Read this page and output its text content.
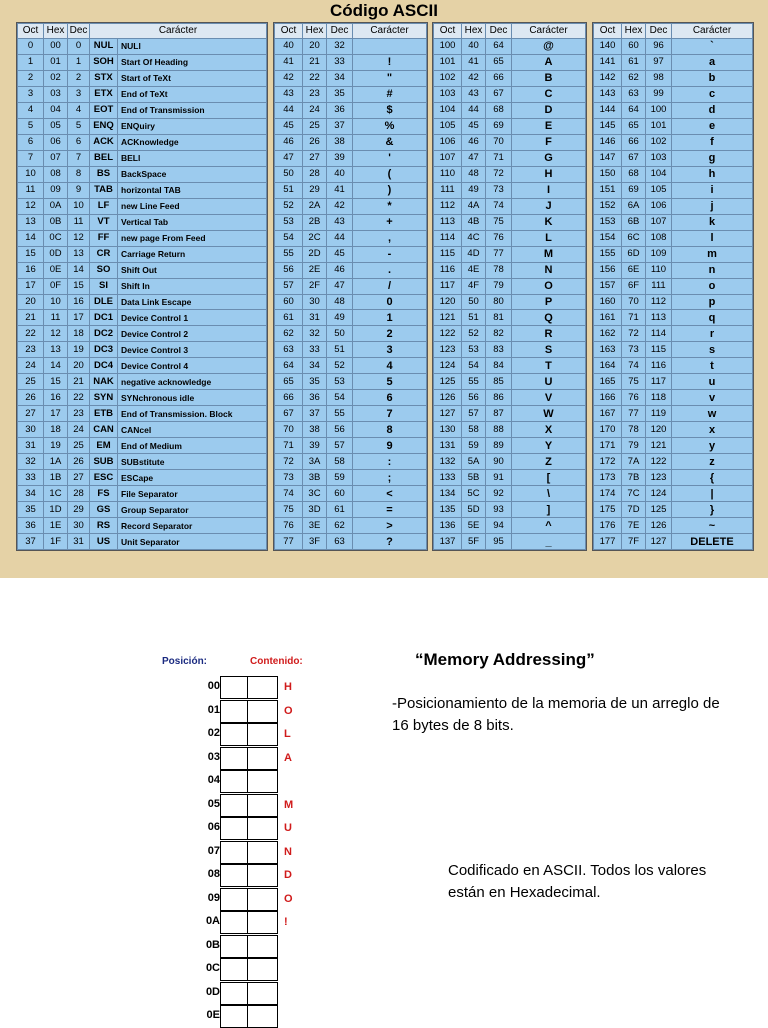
Código ASCII
Oct	Hex	Dec	Carácter	
0	00	0	NUL	NULl
1	01	1	SOH	Start Of Heading
2	02	2	STX	Start of TeXt
3	03	3	ETX	End of TeXt
4	04	4	EOT	End of Transmission
5	05	5	ENQ	ENQuiry
6	06	6	ACK	ACKnowledge
7	07	7	BEL	BELl
10	08	8	BS	BackSpace
11	09	9	TAB	horizontal TAB
12	0A	10	LF	new Line Feed
13	0B	11	VT	Vertical Tab
14	0C	12	FF	new page From Feed
15	0D	13	CR	Carriage Return
16	0E	14	SO	Shift Out
17	0F	15	SI	Shift In
20	10	16	DLE	Data Link Escape
21	11	17	DC1	Device Control 1
22	12	18	DC2	Device Control 2
23	13	19	DC3	Device Control 3
24	14	20	DC4	Device Control 4
25	15	21	NAK	negative acknowledge
26	16	22	SYN	SYNchronous idle
27	17	23	ETB	End of Transmission. Block
30	18	24	CAN	CANcel
31	19	25	EM	End of Medium
32	1A	26	SUB	SUBstitute
33	1B	27	ESC	ESCape
34	1C	28	FS	File Separator
35	1D	29	GS	Group Separator
36	1E	30	RS	Record Separator
37	1F	31	US	Unit Separator
Oct	Hex	Dec	Carácter
40	20	32	
41	21	33	!
42	22	34	"
43	23	35	#
44	24	36	$
45	25	37	%
46	26	38	&
47	27	39	'
50	28	40	(
51	29	41	)
52	2A	42	*
53	2B	43	+
54	2C	44	,
55	2D	45	-
56	2E	46	.
57	2F	47	/
60	30	48	0
61	31	49	1
62	32	50	2
63	33	51	3
64	34	52	4
65	35	53	5
66	36	54	6
67	37	55	7
70	38	56	8
71	39	57	9
72	3A	58	:
73	3B	59	;
74	3C	60	<
75	3D	61	=
76	3E	62	>
77	3F	63	?
Oct	Hex	Dec	Carácter
100	40	64	@
101	41	65	A
102	42	66	B
103	43	67	C
104	44	68	D
105	45	69	E
106	46	70	F
107	47	71	G
110	48	72	H
111	49	73	I
112	4A	74	J
113	4B	75	K
114	4C	76	L
115	4D	77	M
116	4E	78	N
117	4F	79	O
120	50	80	P
121	51	81	Q
122	52	82	R
123	53	83	S
124	54	84	T
125	55	85	U
126	56	86	V
127	57	87	W
130	58	88	X
131	59	89	Y
132	5A	90	Z
133	5B	91	[
134	5C	92	\
135	5D	93	]
136	5E	94	^
137	5F	95	_
Oct	Hex	Dec	Carácter
140	60	96	`
141	61	97	a
142	62	98	b
143	63	99	c
144	64	100	d
145	65	101	e
146	66	102	f
147	67	103	g
150	68	104	h
151	69	105	i
152	6A	106	j
153	6B	107	k
154	6C	108	l
155	6D	109	m
156	6E	110	n
157	6F	111	o
160	70	112	p
161	71	113	q
162	72	114	r
163	73	115	s
164	74	116	t
165	75	117	u
166	76	118	v
167	77	119	w
170	78	120	x
171	79	121	y
172	7A	122	z
173	7B	123	{
174	7C	124	|
175	7D	125	}
176	7E	126	~
177	7F	127	DELETE
Posición:	Contenido:
00	H
01	O
02	L
03	A
04
05	M
06	U
07	N
08	D
09	O
0A	!
0B
0C
0D
0E
“Memory Addressing”
-Posicionamiento de la memoria de un arreglo de 16 bytes de 8 bits.
Codificado en ASCII. Todos los valores están en Hexadecimal.
